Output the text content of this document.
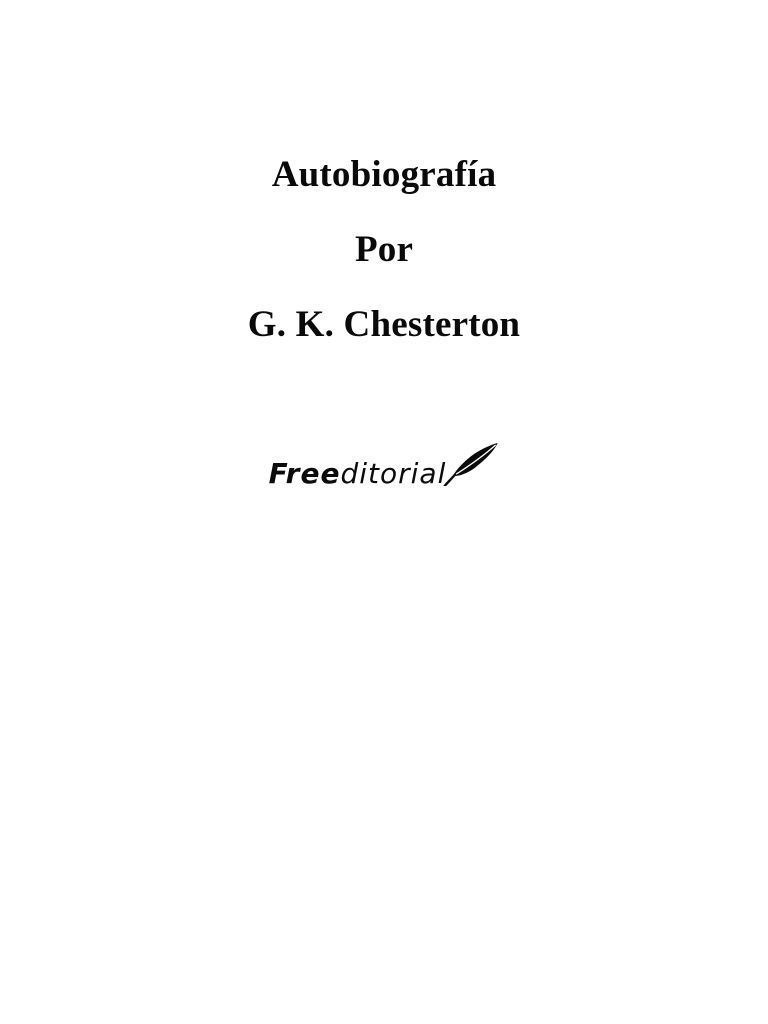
Autobiografía
Por
G. K. Chesterton
Freeditorial
